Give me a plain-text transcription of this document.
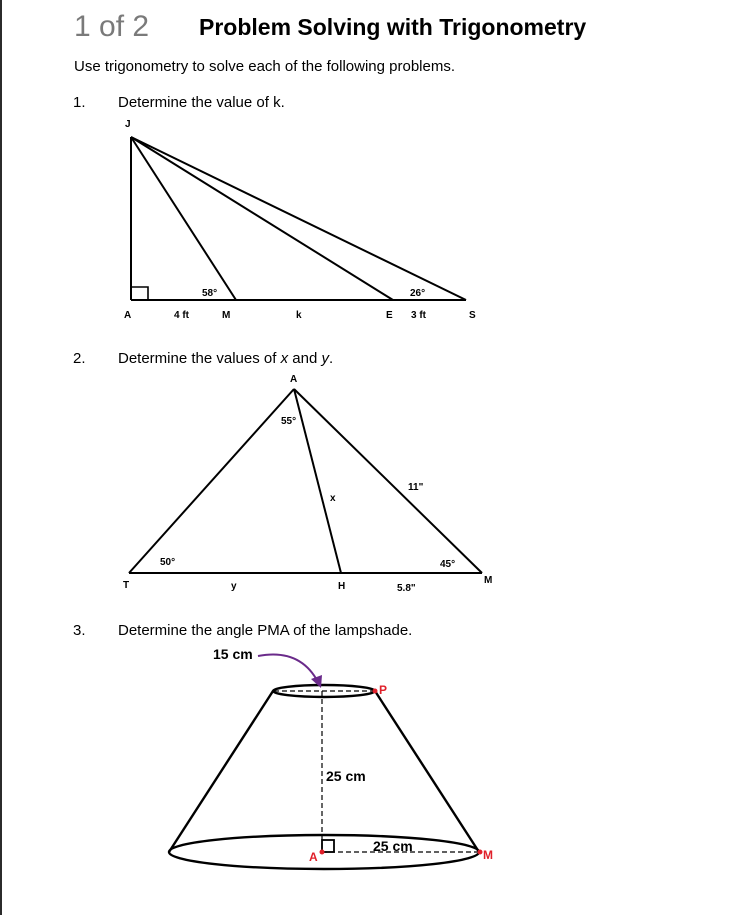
1 of 2 Problem Solving with Trigonometry
Use trigonometry to solve each of the following problems.
1. Determine the value of k.
2. Determine the values of x and y.
3. Determine the angle PMA of the lampshade.
J
A	4 ft	M	k	E 3 ft	S
58°	26°
A
55°
50°	45°
11"
x
T	y	H	5.8"
M
15 cm
25 cm
25 cm
P
A	M
